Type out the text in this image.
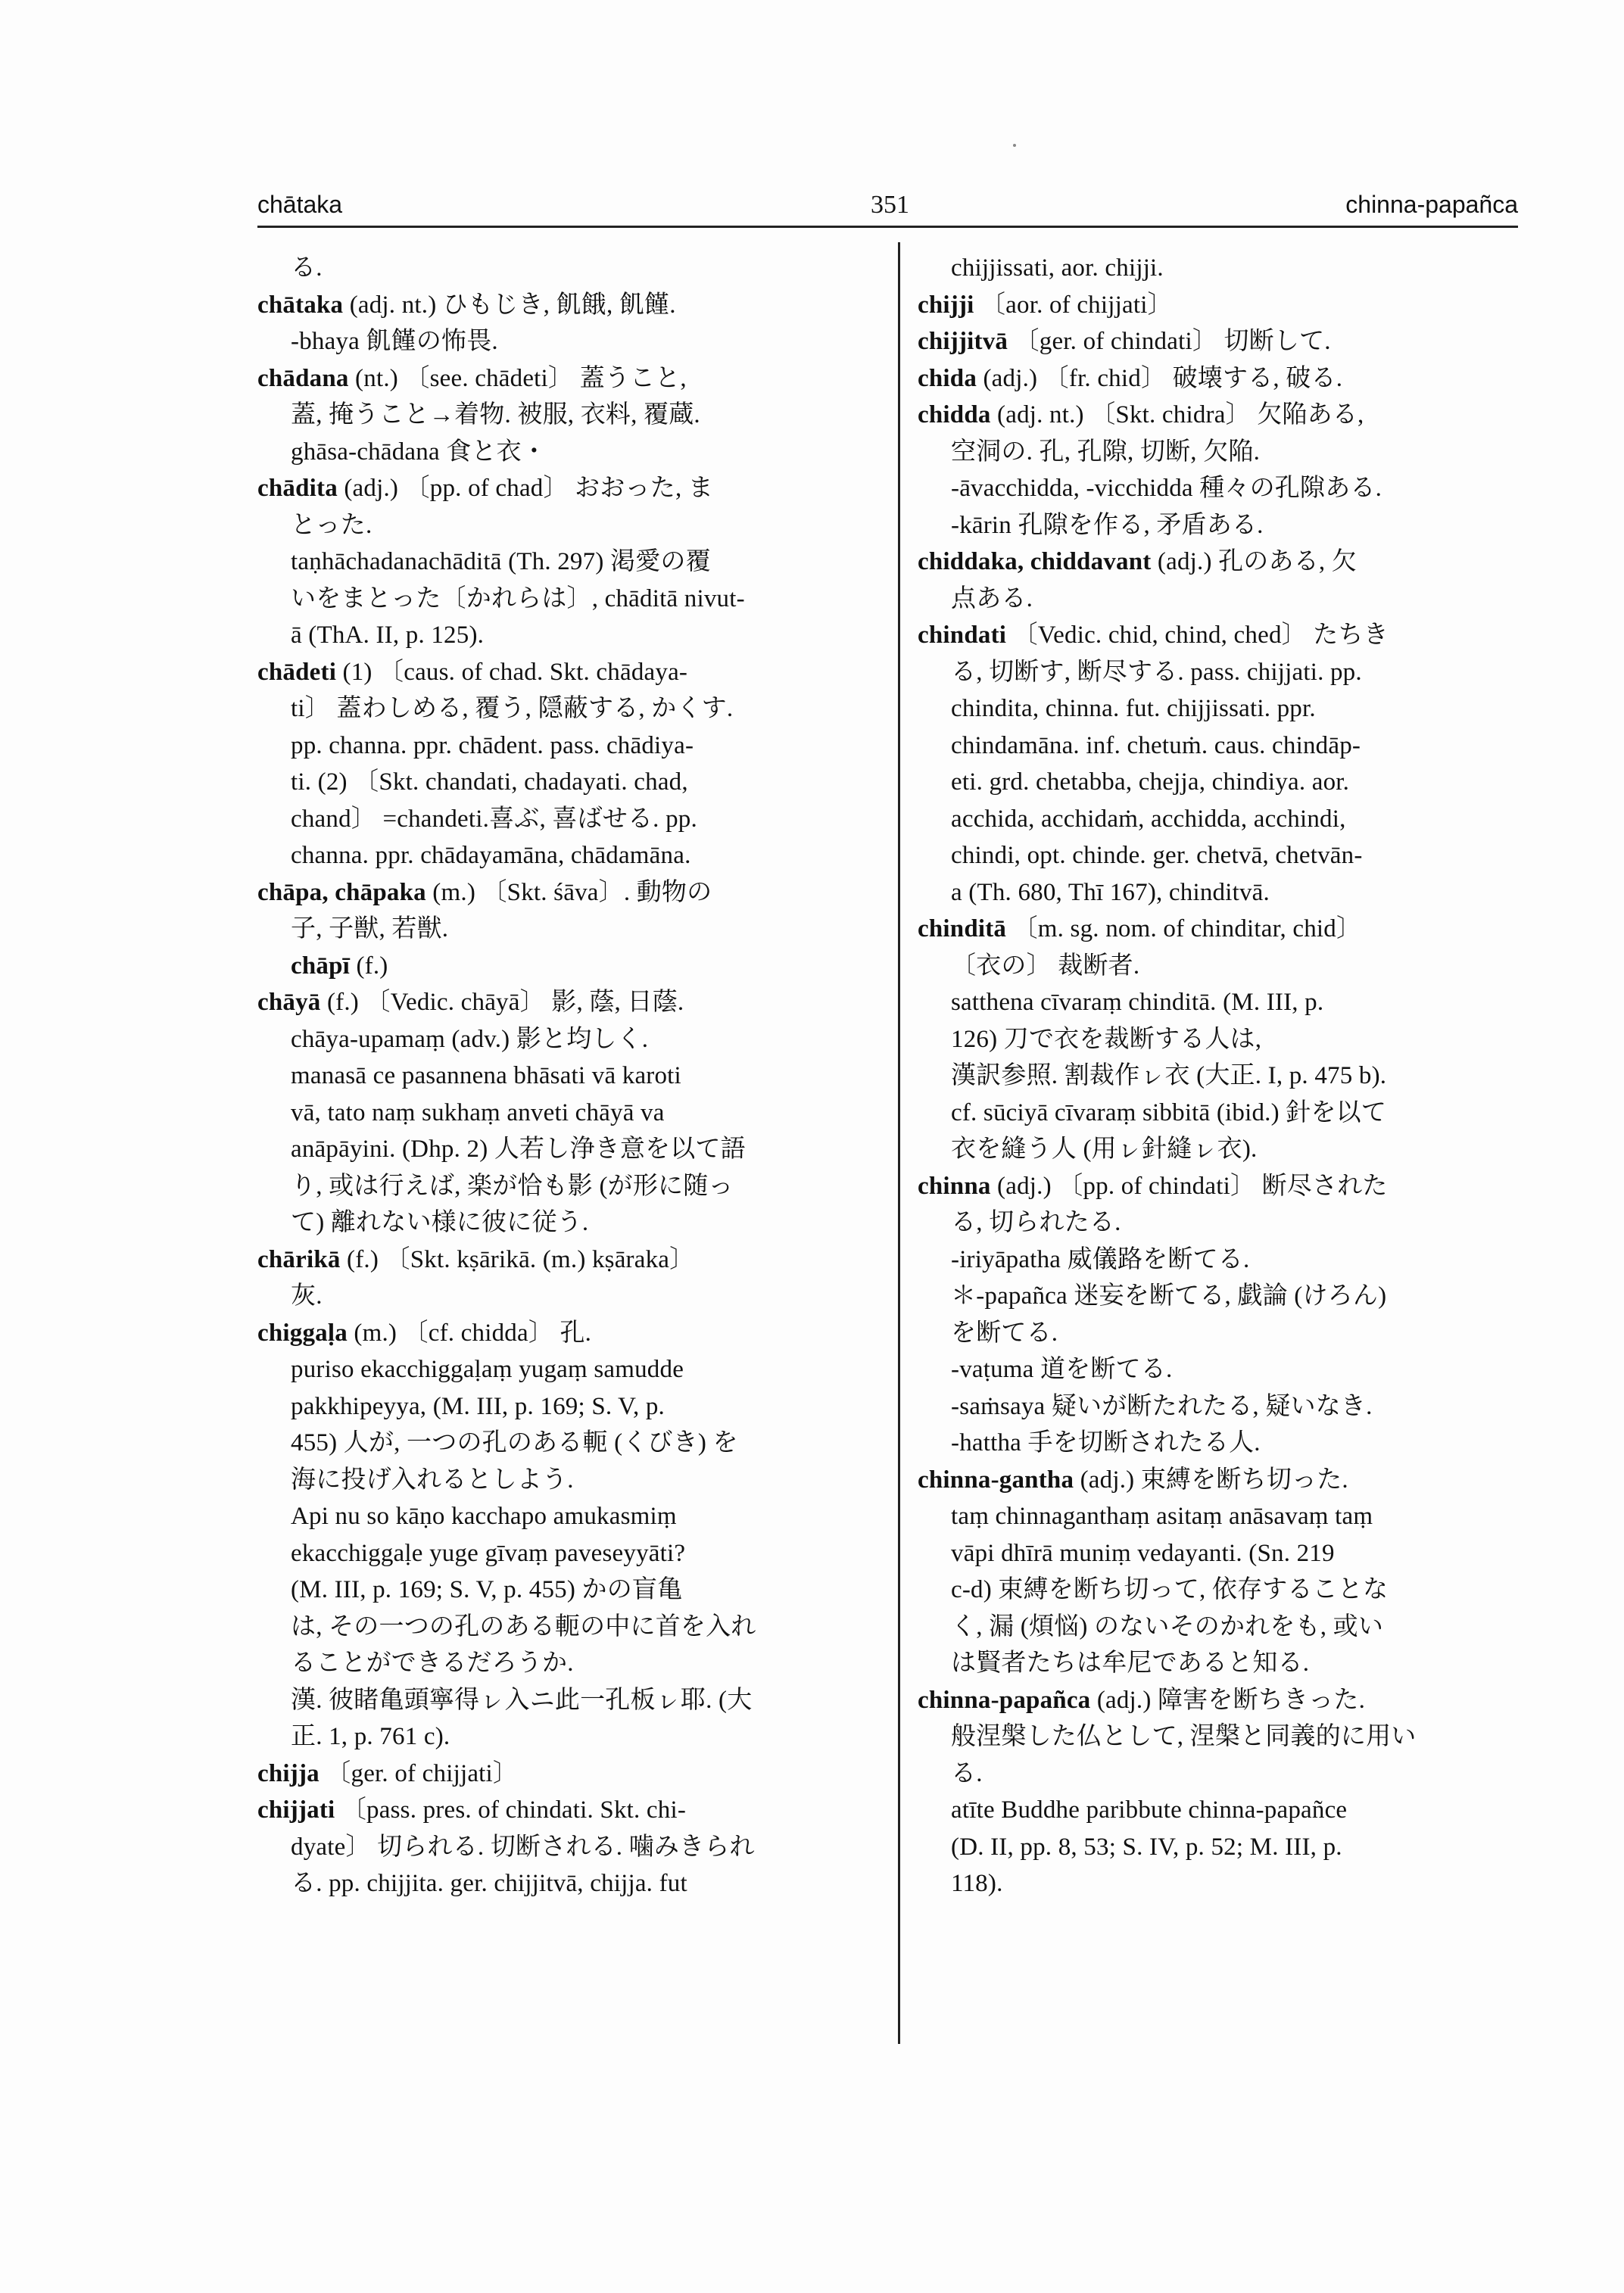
chātaka	351	chinna-papañca
る.
chātaka (adj. nt.) ひもじき, 飢餓, 飢饉.
-bhaya 飢饉の怖畏.
chādana (nt.) 〔see. chādeti〕 蓋うこと,
蓋, 掩うこと→着物. 被服, 衣料, 覆蔵.
ghāsa-chādana 食と衣・
chādita (adj.) 〔pp. of chad〕 おおった, ま
とった.
taṇhāchadanachāditā (Th. 297) 渇愛の覆
いをまとった〔かれらは〕, chāditā nivut-
ā (ThA. II, p. 125).
chādeti (1) 〔caus. of chad. Skt. chādaya-
ti〕 蓋わしめる, 覆う, 隠蔽する, かくす.
pp. channa. ppr. chādent. pass. chādiya-
ti. (2) 〔Skt. chandati, chadayati. chad,
chand〕 =chandeti.喜ぶ, 喜ばせる. pp.
channa. ppr. chādayamāna, chādamāna.
chāpa, chāpaka (m.) 〔Skt. śāva〕. 動物の
子, 子獣, 若獣.
chāpī (f.)
chāyā (f.) 〔Vedic. chāyā〕 影, 蔭, 日蔭.
chāya-upamaṃ (adv.) 影と均しく.
manasā ce pasannena bhāsati vā karoti
vā, tato naṃ sukhaṃ anveti chāyā va
anāpāyini. (Dhp. 2) 人若し浄き意を以て語
り, 或は行えば, 楽が恰も影 (が形に随っ
て) 離れない様に彼に従う.
chārikā (f.) 〔Skt. kṣārikā. (m.) kṣāraka〕
灰.
chiggaḷa (m.) 〔cf. chidda〕 孔.
puriso ekacchiggaḷaṃ yugaṃ samudde
pakkhipeyya, (M. III, p. 169; S. V, p.
455) 人が, 一つの孔のある軛 (くびき) を
海に投げ入れるとしよう.
Api nu so kāṇo kacchapo amukasmiṃ
ekacchiggaḷe yuge gīvaṃ paveseyyāti?
(M. III, p. 169; S. V, p. 455) かの盲亀
は, その一つの孔のある軛の中に首を入れ
ることができるだろうか.
漢. 彼睹亀頭寧得ㇾ入ニ此一孔板ㇾ耶. (大
正. 1, p. 761 c).
chijja 〔ger. of chijjati〕
chijjati 〔pass. pres. of chindati. Skt. chi-
dyate〕 切られる. 切断される. 噛みきられ
る. pp. chijjita. ger. chijjitvā, chijja. fut
chijjissati, aor. chijji.
chijji 〔aor. of chijjati〕
chijjitvā 〔ger. of chindati〕 切断して.
chida (adj.) 〔fr. chid〕 破壊する, 破る.
chidda (adj. nt.) 〔Skt. chidra〕 欠陥ある,
空洞の. 孔, 孔隙, 切断, 欠陥.
-āvacchidda, -vicchidda 種々の孔隙ある.
-kārin 孔隙を作る, 矛盾ある.
chiddaka, chiddavant (adj.) 孔のある, 欠
点ある.
chindati 〔Vedic. chid, chind, ched〕 たちき
る, 切断す, 断尽する. pass. chijjati. pp.
chindita, chinna. fut. chijjissati. ppr.
chindamāna. inf. chetuṁ. caus. chindāp-
eti. grd. chetabba, chejja, chindiya. aor.
acchida, acchidaṁ, acchidda, acchindi,
chindi, opt. chinde. ger. chetvā, chetvān-
a (Th. 680, Thī 167), chinditvā.
chinditā 〔m. sg. nom. of chinditar, chid〕
〔衣の〕 裁断者.
satthena cīvaraṃ chinditā. (M. III, p.
126) 刀で衣を裁断する人は,
漢訳参照. 割裁作ㇾ衣 (大正. I, p. 475 b).
cf. sūciyā cīvaraṃ sibbitā (ibid.) 針を以て
衣を縫う人 (用ㇾ針縫ㇾ衣).
chinna (adj.) 〔pp. of chindati〕 断尽された
る, 切られたる.
-iriyāpatha 威儀路を断てる.
＊-papañca 迷妄を断てる, 戯論 (けろん)
を断てる.
-vaṭuma 道を断てる.
-saṁsaya 疑いが断たれたる, 疑いなき.
-hattha 手を切断されたる人.
chinna-gantha (adj.) 束縛を断ち切った.
taṃ chinnaganthaṃ asitaṃ anāsavaṃ taṃ
vāpi dhīrā muniṃ vedayanti. (Sn. 219
c-d) 束縛を断ち切って, 依存することな
く, 漏 (煩悩) のないそのかれをも, 或い
は賢者たちは牟尼であると知る.
chinna-papañca (adj.) 障害を断ちきった.
般涅槃した仏として, 涅槃と同義的に用い
る.
atīte Buddhe paribbute chinna-papañce
(D. II, pp. 8, 53; S. IV, p. 52; M. III, p.
118).
